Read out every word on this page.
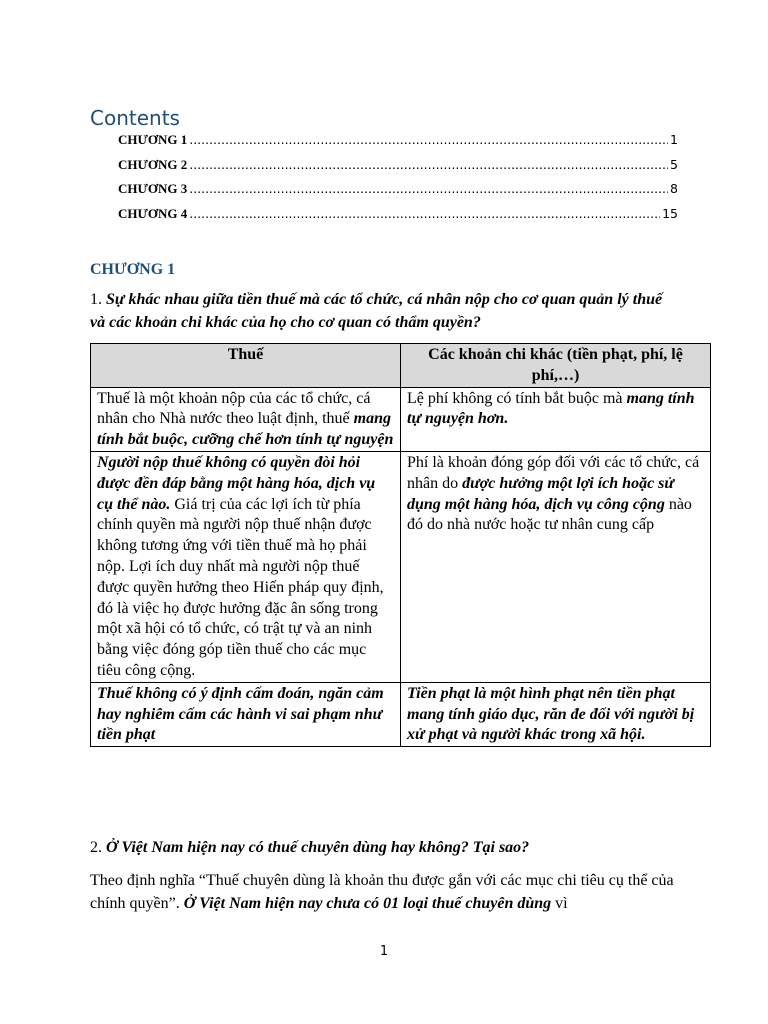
Contents
CHƯƠNG 1 .....	1
CHƯƠNG 2 .....	5
CHƯƠNG 3 .....	8
CHƯƠNG 4 .....	15
CHƯƠNG 1

1. Sự khác nhau giữa tiền thuế mà các tổ chức, cá nhân nộp cho cơ quan quản lý thuế và các khoản chi khác của họ cho cơ quan có thẩm quyền?

Thuế	Các khoản chi khác (tiền phạt, phí, lệ phí,…)
Thuế là một khoản nộp của các tổ chức, cá nhân cho Nhà nước theo luật định, thuế mang tính bắt buộc, cưỡng chế hơn tính tự nguyện	Lệ phí không có tính bắt buộc mà mang tính tự nguyện hơn.
Người nộp thuế không có quyền đòi hỏi được đền đáp bằng một hàng hóa, dịch vụ cụ thể nào. Giá trị của các lợi ích từ phía chính quyền mà người nộp thuế nhận được không tương ứng với tiền thuế mà họ phải nộp. Lợi ích duy nhất mà người nộp thuế được quyền hưởng theo Hiến pháp quy định, đó là việc họ được hưởng đặc ân sống trong một xã hội có tổ chức, có trật tự và an ninh bằng việc đóng góp tiền thuế cho các mục tiêu công cộng.	Phí là khoản đóng góp đối với các tổ chức, cá nhân do được hưởng một lợi ích hoặc sử dụng một hàng hóa, dịch vụ công cộng nào đó do nhà nước hoặc tư nhân cung cấp
Thuế không có ý định cấm đoán, ngăn cảm hay nghiêm cấm các hành vi sai phạm như tiền phạt	Tiền phạt là một hình phạt nên tiền phạt mang tính giáo dục, răn đe đối với người bị xử phạt và người khác trong xã hội.

2. Ở Việt Nam hiện nay có thuế chuyên dùng hay không? Tại sao?

Theo định nghĩa “Thuế chuyên dùng là khoản thu được gắn với các mục chi tiêu cụ thể của chính quyền”. Ở Việt Nam hiện nay chưa có 01 loại thuế chuyên dùng vì

1
